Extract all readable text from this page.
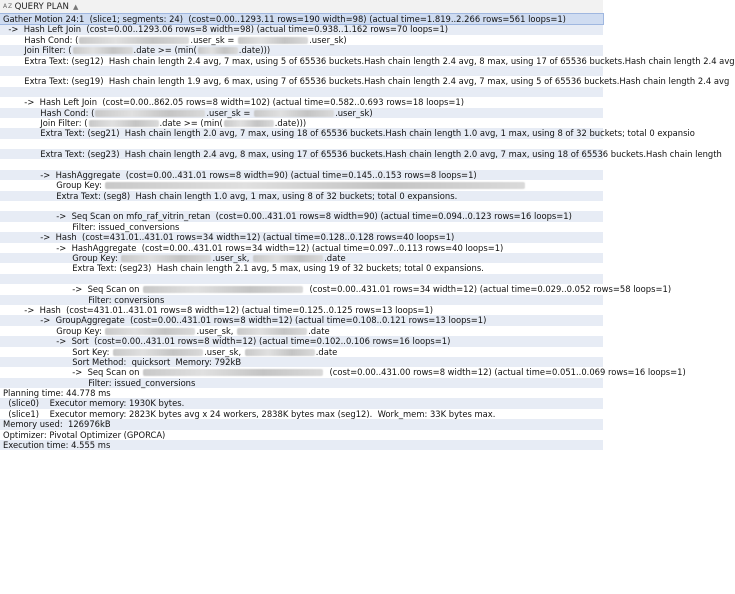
A Z QUERY PLAN ▲
Gather Motion 24:1  (slice1; segments: 24)  (cost=0.00..1293.11 rows=190 width=98) (actual time=1.819..2.266 rows=561 loops=1)
->  Hash Left Join  (cost=0.00..1293.06 rows=8 width=98) (actual time=0.938..1.162 rows=70 loops=1)
Hash Cond: (	.user_sk =	.user_sk)
Join Filter: (	.date >= (min(	.date)))
Extra Text: (seg12)  Hash chain length 2.4 avg, 7 max, using 5 of 65536 buckets.Hash chain length 2.4 avg, 8 max, using 17 of 65536 buckets.Hash chain length 2.4 avg
Extra Text: (seg19)  Hash chain length 1.9 avg, 6 max, using 7 of 65536 buckets.Hash chain length 2.4 avg, 7 max, using 5 of 65536 buckets.Hash chain length 2.4 avg
->  Hash Left Join  (cost=0.00..862.05 rows=8 width=102) (actual time=0.582..0.693 rows=18 loops=1)
Hash Cond: (	.user_sk =	.user_sk)
Join Filter: (	.date >= (min(	.date)))
Extra Text: (seg21)  Hash chain length 2.0 avg, 7 max, using 18 of 65536 buckets.Hash chain length 1.0 avg, 1 max, using 8 of 32 buckets; total 0 expansio
Extra Text: (seg23)  Hash chain length 2.4 avg, 8 max, using 17 of 65536 buckets.Hash chain length 2.0 avg, 7 max, using 18 of 65536 buckets.Hash chain length
->  HashAggregate  (cost=0.00..431.01 rows=8 width=90) (actual time=0.145..0.153 rows=8 loops=1)
Group Key:
Extra Text: (seg8)  Hash chain length 1.0 avg, 1 max, using 8 of 32 buckets; total 0 expansions.
->  Seq Scan on mfo_raf_vitrin_retan  (cost=0.00..431.01 rows=8 width=90) (actual time=0.094..0.123 rows=16 loops=1)
Filter: issued_conversions
->  Hash  (cost=431.01..431.01 rows=34 width=12) (actual time=0.128..0.128 rows=40 loops=1)
->  HashAggregate  (cost=0.00..431.01 rows=34 width=12) (actual time=0.097..0.113 rows=40 loops=1)
Group Key:	.user_sk,	.date
Extra Text: (seg23)  Hash chain length 2.1 avg, 5 max, using 19 of 32 buckets; total 0 expansions.
->  Seq Scan on	(cost=0.00..431.01 rows=34 width=12) (actual time=0.029..0.052 rows=58 loops=1)
Filter: conversions
->  Hash  (cost=431.01..431.01 rows=8 width=12) (actual time=0.125..0.125 rows=13 loops=1)
->  GroupAggregate  (cost=0.00..431.01 rows=8 width=12) (actual time=0.108..0.121 rows=13 loops=1)
Group Key:	.user_sk,	.date
->  Sort  (cost=0.00..431.01 rows=8 width=12) (actual time=0.102..0.106 rows=16 loops=1)
Sort Key:	.user_sk,	.date
Sort Method:  quicksort  Memory: 792kB
->  Seq Scan on	(cost=0.00..431.00 rows=8 width=12) (actual time=0.051..0.069 rows=16 loops=1)
Filter: issued_conversions
Planning time: 44.778 ms
(slice0)    Executor memory: 1930K bytes.
(slice1)    Executor memory: 2823K bytes avg x 24 workers, 2838K bytes max (seg12).  Work_mem: 33K bytes max.
Memory used:  126976kB
Optimizer: Pivotal Optimizer (GPORCA)
Execution time: 4.555 ms
